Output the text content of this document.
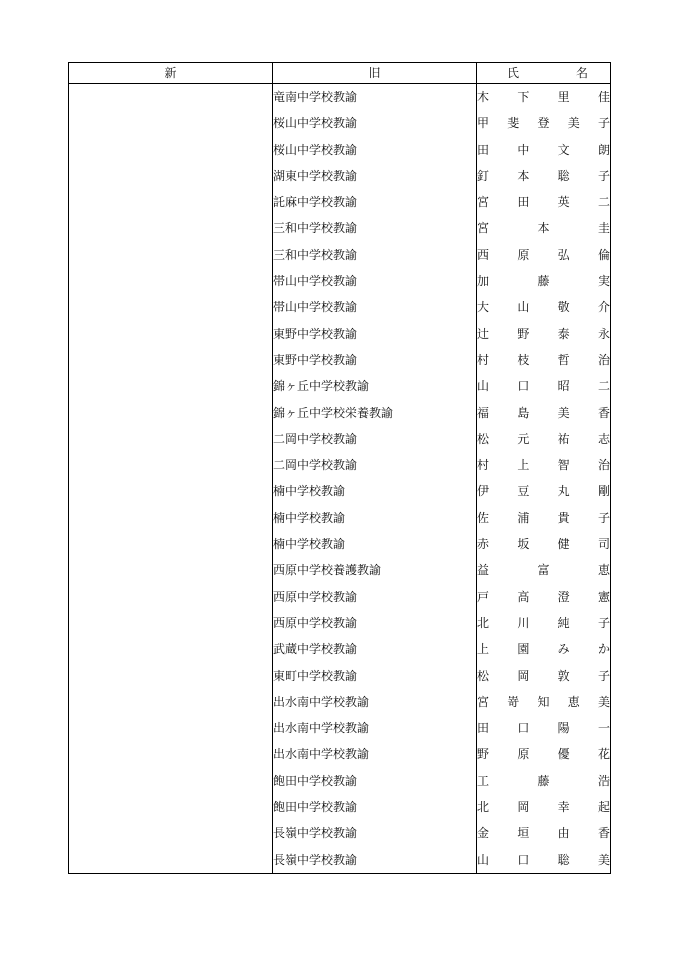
新	旧	氏 名

	竜南中学校教諭	木 下 里 佳

	桜山中学校教諭	甲 斐 登 美 子

	桜山中学校教諭	田 中 文 朗

	湖東中学校教諭	釘 本 聡 子

	託麻中学校教諭	宮 田 英 二

	三和中学校教諭	宮 本 圭

	三和中学校教諭	西 原 弘 倫

	帯山中学校教諭	加 藤 実

	帯山中学校教諭	大 山 敬 介

	東野中学校教諭	辻 野 泰 永

	東野中学校教諭	村 枝 哲 治

	錦ヶ丘中学校教諭	山 口 昭 二

	錦ヶ丘中学校栄養教諭	福 島 美 香

	二岡中学校教諭	松 元 祐 志

	二岡中学校教諭	村 上 智 治

	楠中学校教諭	伊 豆 丸 剛

	楠中学校教諭	佐 浦 貴 子

	楠中学校教諭	赤 坂 健 司

	西原中学校養護教諭	益 富 恵

	西原中学校教諭	戸 高 澄 憲

	西原中学校教諭	北 川 純 子

	武蔵中学校教諭	上 園 み か

	東町中学校教諭	松 岡 敦 子

	出水南中学校教諭	宮 嵜 知 恵 美

	出水南中学校教諭	田 口 陽 一

	出水南中学校教諭	野 原 優 花

	飽田中学校教諭	工 藤 浩

	飽田中学校教諭	北 岡 幸 起

	長嶺中学校教諭	金 垣 由 香

	長嶺中学校教諭	山 口 聡 美
